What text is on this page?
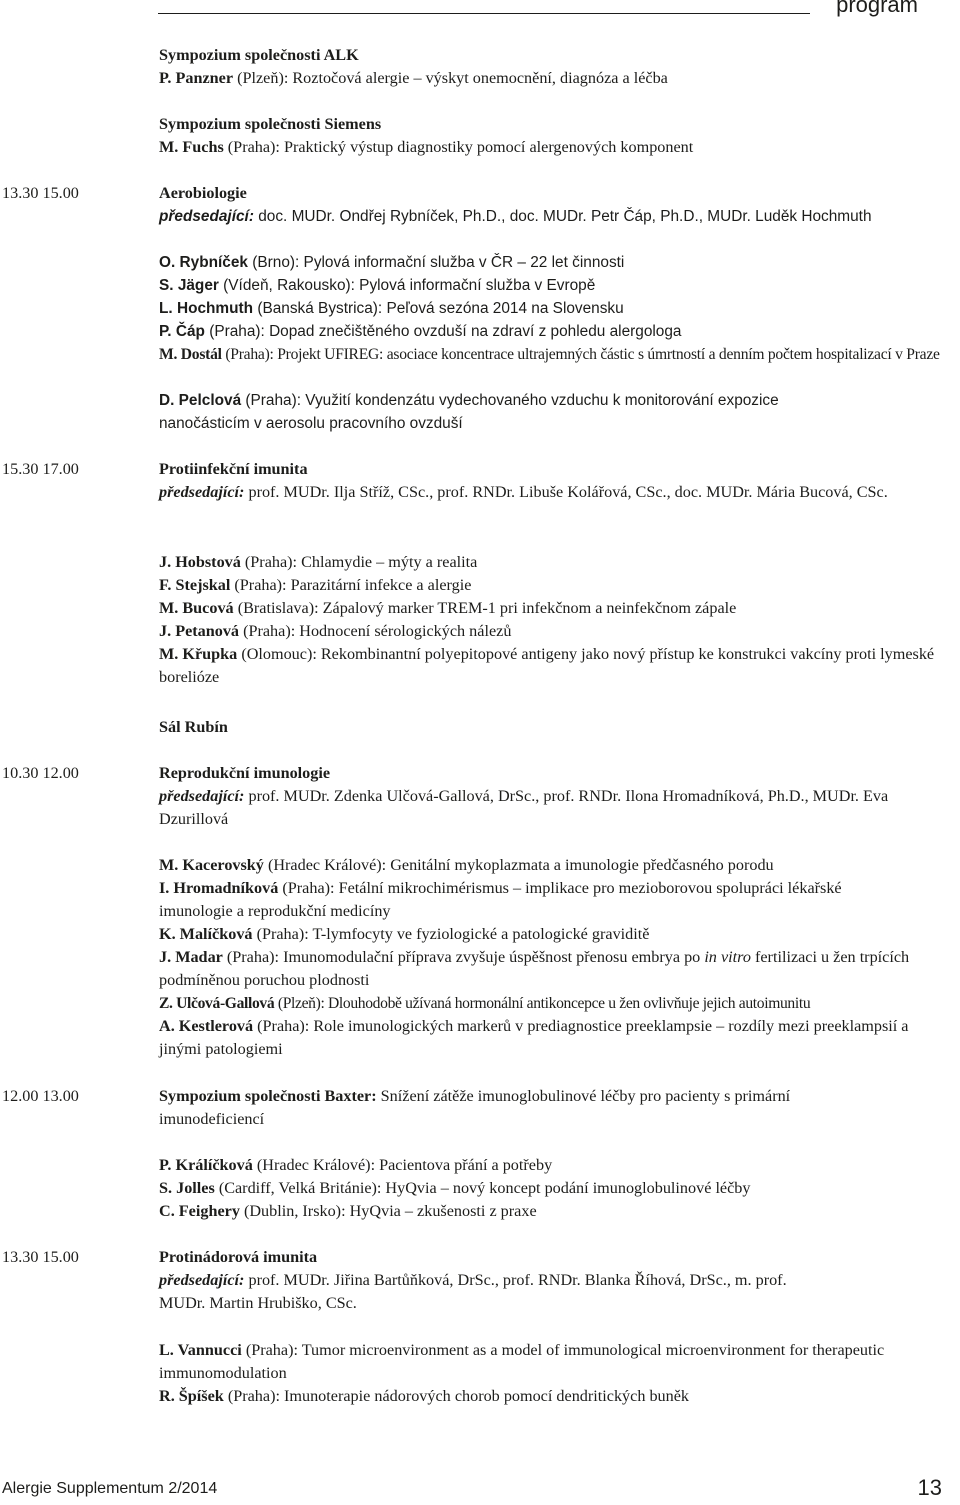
program
Sympozium společnosti ALK
P. Panzner (Plzeň): Roztočová alergie – výskyt onemocnění, diagnóza a léčba
Sympozium společnosti Siemens
M. Fuchs (Praha): Praktický výstup diagnostiky pomocí alergenových komponent
13.30 15.00	Aerobiologie
předsedající: doc. MUDr. Ondřej Rybníček, Ph.D., doc. MUDr. Petr Čáp, Ph.D., MUDr. Luděk Hochmuth
O. Rybníček (Brno): Pylová informační služba v ČR – 22 let činnosti
S. Jäger (Vídeň, Rakousko): Pylová informační služba v Evropě
L. Hochmuth (Banská Bystrica): Peľová sezóna 2014 na Slovensku
P. Čáp (Praha): Dopad znečištěného ovzduší na zdraví z pohledu alergologa
M. Dostál (Praha): Projekt UFIREG: asociace koncentrace ultrajemných částic s úmrtností a denním počtem hospitalizací v Praze
D. Pelclová (Praha): Využití kondenzátu vydechovaného vzduchu k monitorování expozice nanočásticím v aerosolu pracovního ovzduší
15.30 17.00	Protiinfekční imunita
předsedající: prof. MUDr. Ilja Stříž, CSc., prof. RNDr. Libuše Kolářová, CSc., doc. MUDr. Mária Bucová, CSc.
J. Hobstová (Praha): Chlamydie – mýty a realita
F. Stejskal (Praha): Parazitární infekce a alergie
M. Bucová (Bratislava): Zápalový marker TREM-1 pri infekčnom a neinfekčnom zápale
J. Petanová (Praha): Hodnocení sérologických nálezů
M. Křupka (Olomouc): Rekombinantní polyepitopové antigeny jako nový přístup ke konstrukci vakcíny proti lymeské borelióze
Sál Rubín
10.30 12.00	Reprodukční imunologie
předsedající: prof. MUDr. Zdenka Ulčová-Gallová, DrSc., prof. RNDr. Ilona Hromadníková, Ph.D., MUDr. Eva Dzurillová
M. Kacerovský (Hradec Králové): Genitální mykoplazmata a imunologie předčasného porodu
I. Hromadníková (Praha): Fetální mikrochimérismus – implikace pro mezioborovou spolupráci lékařské imunologie a reprodukční medicíny
K. Malíčková (Praha): T-lymfocyty ve fyziologické a patologické graviditě
J. Madar (Praha): Imunomodulační příprava zvyšuje úspěšnost přenosu embrya po in vitro fertilizaci u žen trpících podmíněnou poruchou plodnosti
Z. Ulčová-Gallová (Plzeň): Dlouhodobě užívaná hormonální antikoncepce u žen ovlivňuje jejich autoimunitu
A. Kestlerová (Praha): Role imunologických markerů v prediagnostice preeklampsie – rozdíly mezi preeklampsií a jinými patologiemi
12.00 13.00	Sympozium společnosti Baxter: Snížení zátěže imunoglobulinové léčby pro pacienty s primární imunodeficiencí
P. Králíčková (Hradec Králové): Pacientova přání a potřeby
S. Jolles (Cardiff, Velká Británie): HyQvia – nový koncept podání imunoglobulinové léčby
C. Feighery (Dublin, Irsko): HyQvia – zkušenosti z praxe
13.30 15.00	Protinádorová imunita
předsedající: prof. MUDr. Jiřina Bartůňková, DrSc., prof. RNDr. Blanka Říhová, DrSc., m. prof. MUDr. Martin Hrubiško, CSc.
L. Vannucci (Praha): Tumor microenvironment as a model of immunological microenvironment for therapeutic immunomodulation
R. Špíšek (Praha): Imunoterapie nádorových chorob pomocí dendritických buněk
Alergie Supplementum 2/2014	13
